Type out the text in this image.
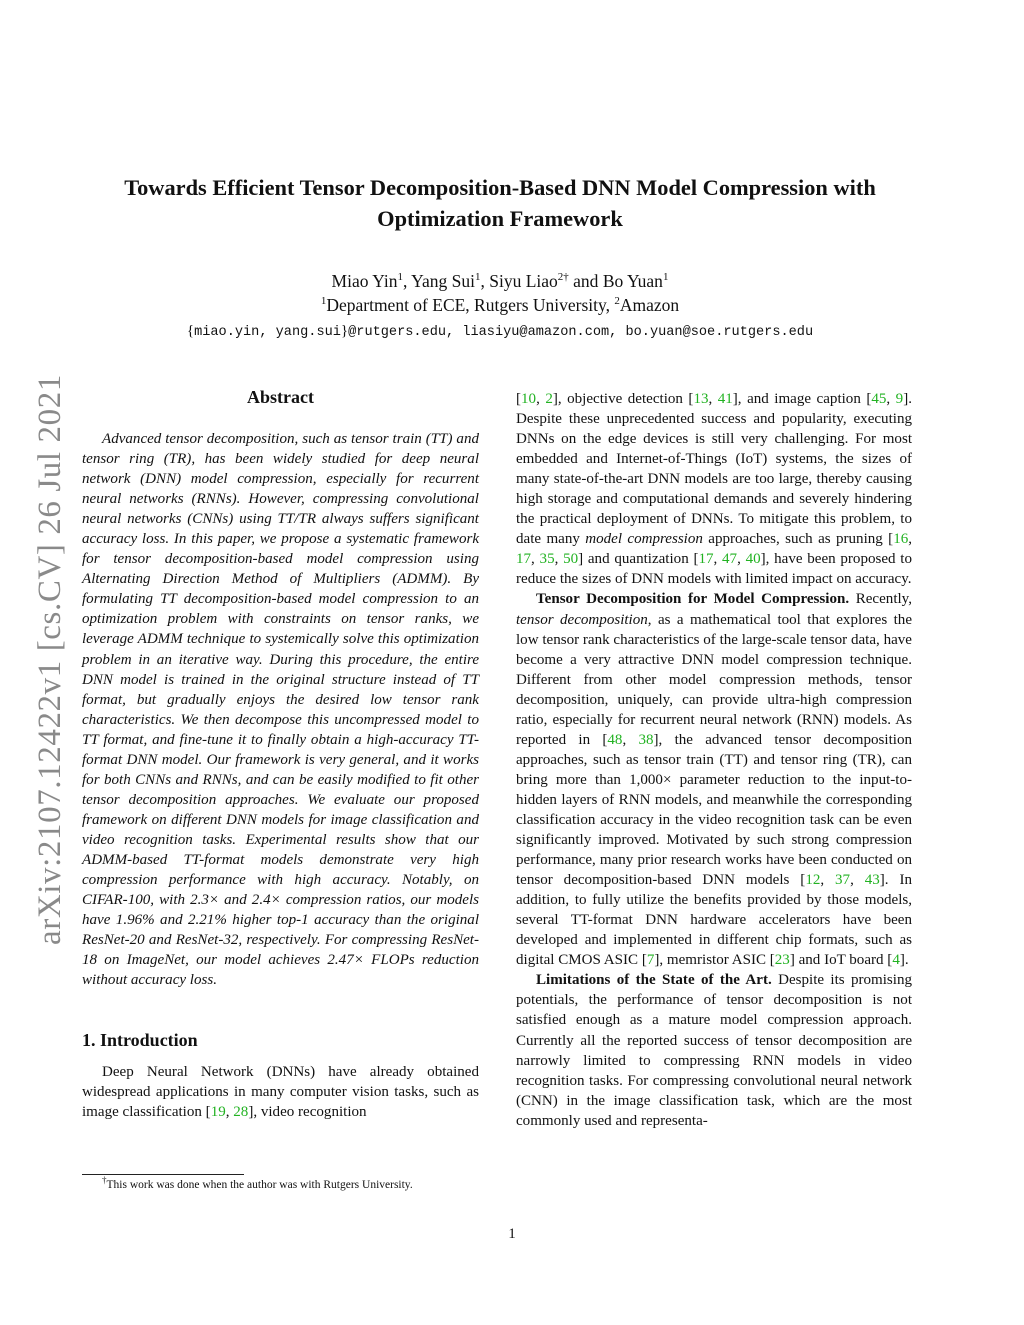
arXiv:2107.12422v1 [cs.CV] 26 Jul 2021
Towards Efficient Tensor Decomposition-Based DNN Model Compression with
Optimization Framework
Miao Yin$^1$, Yang Sui$^1$, Siyu Liao$^{2\dagger}$ and Bo Yuan$^1$
$^1$Department of ECE, Rutgers University, $^2$Amazon
{miao.yin, yang.sui}@rutgers.edu, liasiyu@amazon.com, bo.yuan@soe.rutgers.edu
Abstract

Advanced tensor decomposition, such as tensor train (TT) and tensor ring (TR), has been widely studied for deep neural network (DNN) model compression, especially for recurrent neural networks (RNNs). However, compressing convolutional neural networks (CNNs) using TT/TR always suffers significant accuracy loss. In this paper, we propose a systematic framework for tensor decomposition-based model compression using Alternating Direction Method of Multipliers (ADMM). By formulating TT decomposition-based model compression to an optimization problem with constraints on tensor ranks, we leverage ADMM technique to systemically solve this optimization problem in an iterative way. During this procedure, the entire DNN model is trained in the original structure instead of TT format, but gradually enjoys the desired low tensor rank characteristics. We then decompose this uncompressed model to TT format, and fine-tune it to finally obtain a high-accuracy TT-format DNN model. Our framework is very general, and it works for both CNNs and RNNs, and can be easily modified to fit other tensor decomposition approaches. We evaluate our proposed framework on different DNN models for image classification and video recognition tasks. Experimental results show that our ADMM-based TT-format models demonstrate very high compression performance with high accuracy. Notably, on CIFAR-100, with 2.3× and 2.4× compression ratios, our models have 1.96% and 2.21% higher top-1 accuracy than the original ResNet-20 and ResNet-32, respectively. For compressing ResNet-18 on ImageNet, our model achieves 2.47× FLOPs reduction without accuracy loss.

1. Introduction

Deep Neural Network (DNNs) have already obtained widespread applications in many computer vision tasks, such as image classification [19, 28], video recognition

†This work was done when the author was with Rutgers University.

[10, 2], objective detection [13, 41], and image caption [45, 9]. Despite these unprecedented success and popularity, executing DNNs on the edge devices is still very challenging. For most embedded and Internet-of-Things (IoT) systems, the sizes of many state-of-the-art DNN models are too large, thereby causing high storage and computational demands and severely hindering the practical deployment of DNNs. To mitigate this problem, to date many model compression approaches, such as pruning [16, 17, 35, 50] and quantization [17, 47, 40], have been proposed to reduce the sizes of DNN models with limited impact on accuracy.

Tensor Decomposition for Model Compression. Recently, tensor decomposition, as a mathematical tool that explores the low tensor rank characteristics of the large-scale tensor data, have become a very attractive DNN model compression technique. Different from other model compression methods, tensor decomposition, uniquely, can provide ultra-high compression ratio, especially for recurrent neural network (RNN) models. As reported in [48, 38], the advanced tensor decomposition approaches, such as tensor train (TT) and tensor ring (TR), can bring more than 1,000× parameter reduction to the input-to-hidden layers of RNN models, and meanwhile the corresponding classification accuracy in the video recognition task can be even significantly improved. Motivated by such strong compression performance, many prior research works have been conducted on tensor decomposition-based DNN models [12, 37, 43]. In addition, to fully utilize the benefits provided by those models, several TT-format DNN hardware accelerators have been developed and implemented in different chip formats, such as digital CMOS ASIC [7], memristor ASIC [23] and IoT board [4].

Limitations of the State of the Art. Despite its promising potentials, the performance of tensor decomposition is not satisfied enough as a mature model compression approach. Currently all the reported success of tensor decomposition are narrowly limited to compressing RNN models in video recognition tasks. For compressing convolutional neural network (CNN) in the image classification task, which are the most commonly used and representa-

1
